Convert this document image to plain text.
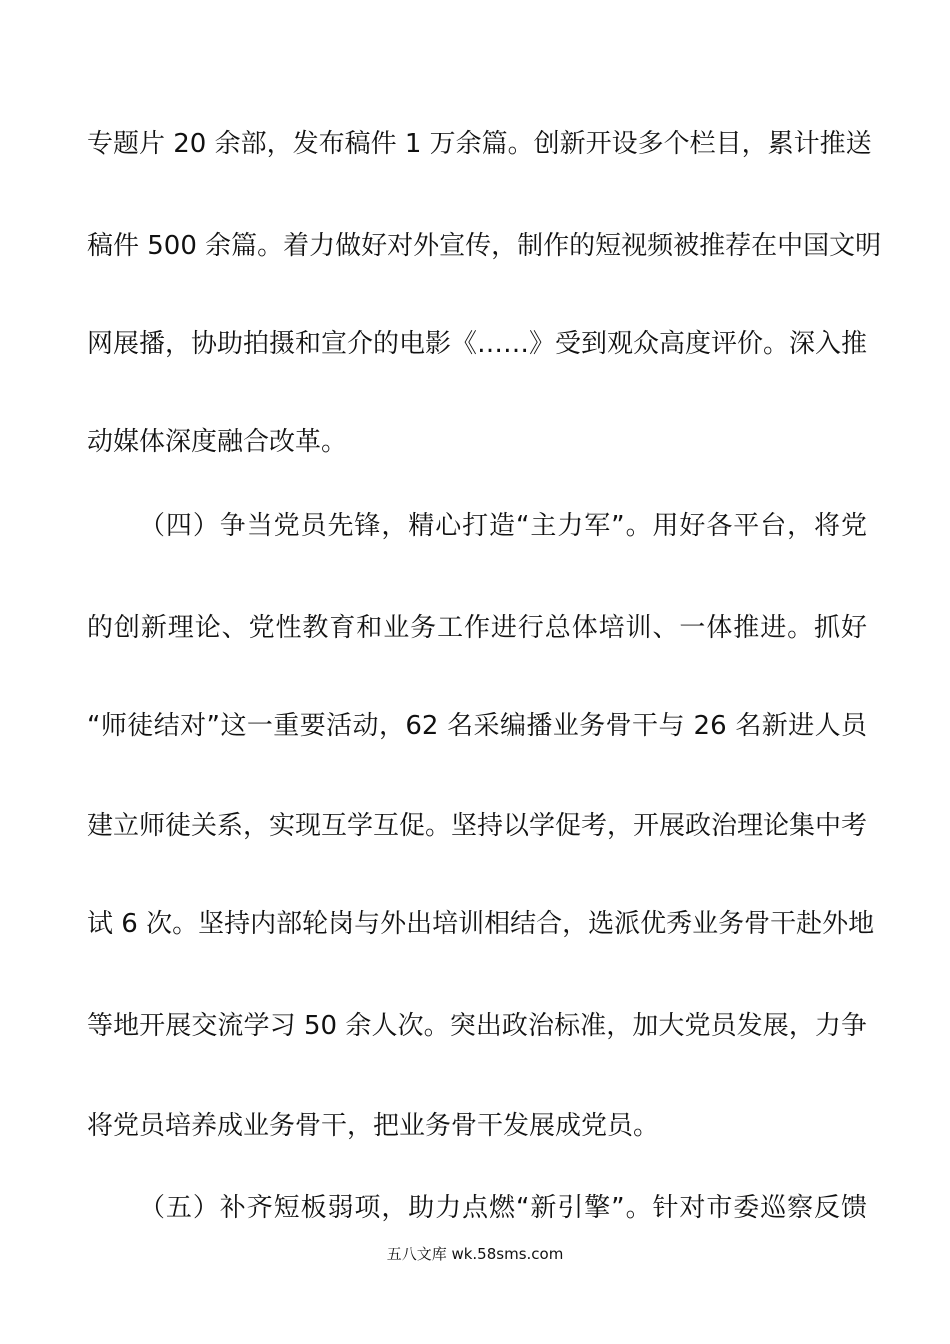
专题片 20 余部，发布稿件 1 万余篇。创新开设多个栏目，累计推送
稿件 500 余篇。着力做好对外宣传，制作的短视频被推荐在中国文明
网展播，协助拍摄和宣介的电影《……》受到观众高度评价。深入推
动媒体深度融合改革。
（四）争当党员先锋，精心打造“主力军”。用好各平台，将党
的创新理论、党性教育和业务工作进行总体培训、一体推进。抓好
“师徒结对”这一重要活动，62 名采编播业务骨干与 26 名新进人员
建立师徒关系，实现互学互促。坚持以学促考，开展政治理论集中考
试 6 次。坚持内部轮岗与外出培训相结合，选派优秀业务骨干赴外地
等地开展交流学习 50 余人次。突出政治标准，加大党员发展，力争
将党员培养成业务骨干，把业务骨干发展成党员。
（五）补齐短板弱项，助力点燃“新引擎”。针对市委巡察反馈
五八文库 wk.58sms.com
